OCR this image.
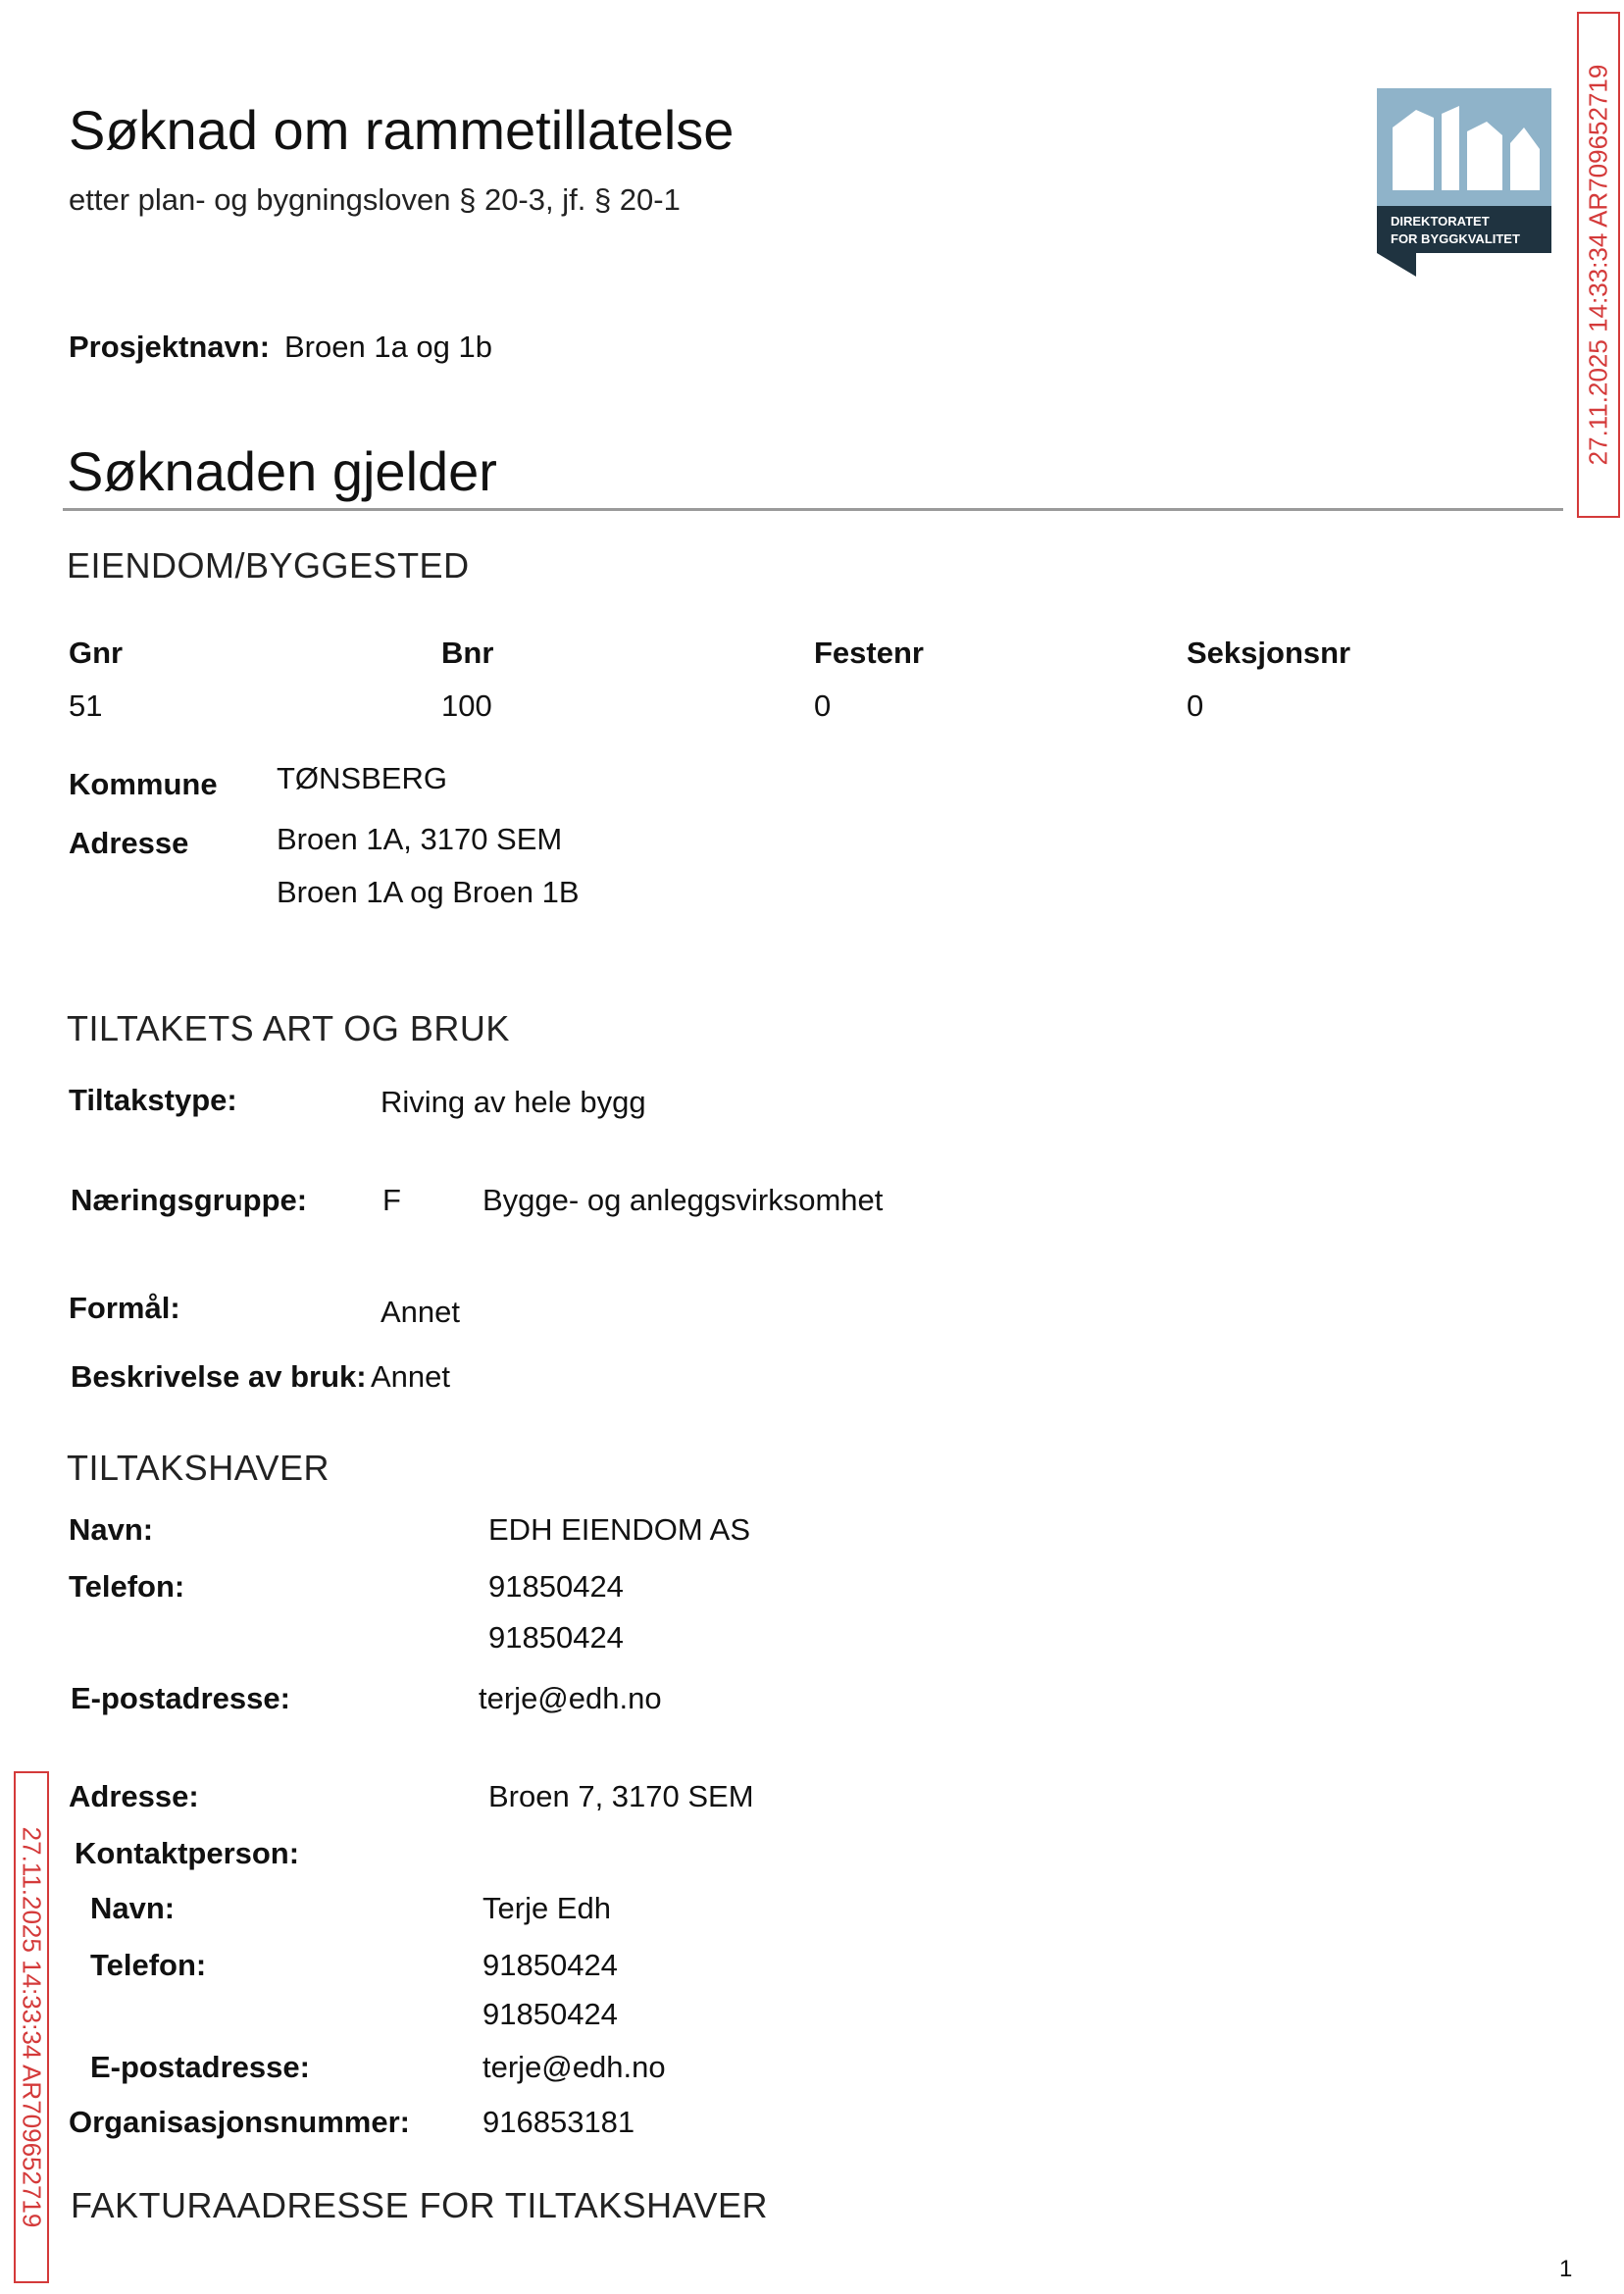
Søknad om rammetillatelse
etter plan- og bygningsloven § 20-3, jf. § 20-1
DIREKTORATET
FOR BYGGKVALITET 27.11.2025 14:33:34 AR709652719
27.11.2025 14:33:34 AR709652719
Prosjektnavn: Broen 1a og 1b
Søknaden gjelder
EIENDOM/BYGGESTED
Gnr	Bnr	Festenr	Seksjonsnr
51	100	0	0
Kommune TØNSBERG
Adresse	Broen 1A, 3170 SEM
Broen 1A og Broen 1B
TILTAKETS ART OG BRUK
Tiltakstype:	Riving av hele bygg
Næringsgruppe: F	Bygge- og anleggsvirksomhet
Formål:	Annet
Beskrivelse av bruk: Annet
TILTAKSHAVER
Navn:	EDH EIENDOM AS
Telefon:	91850424
91850424
E-postadresse:	terje@edh.no
Adresse:	Broen 7, 3170 SEM
Kontaktperson:
Navn:	Terje Edh
Telefon:	91850424
91850424
E-postadresse:	terje@edh.no
Organisasjonsnummer: 916853181
FAKTURAADRESSE FOR TILTAKSHAVER
1
